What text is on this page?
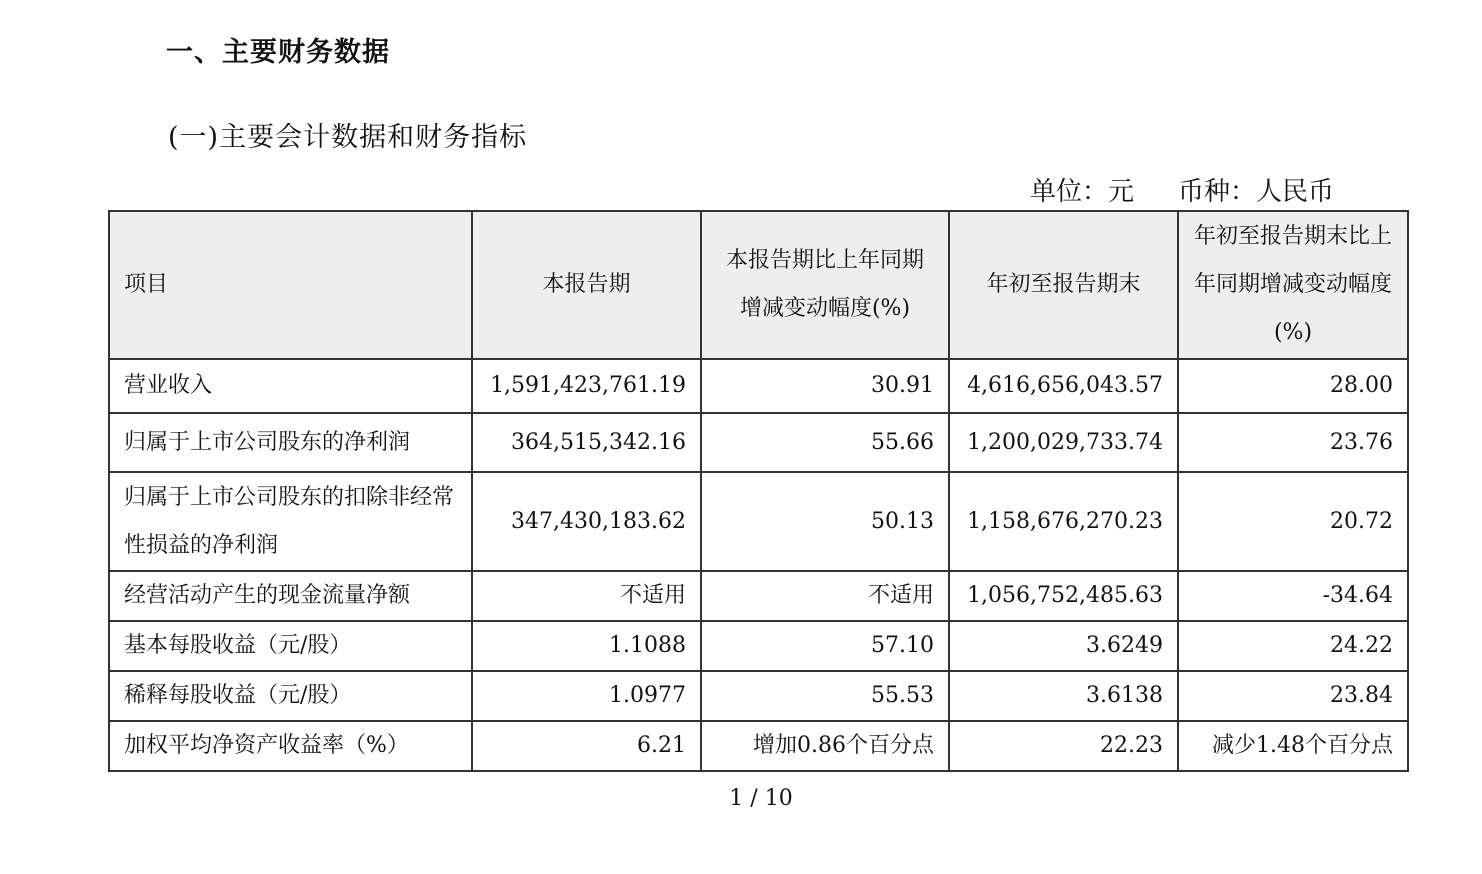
一、主要财务数据
(一)主要会计数据和财务指标
单位：元 币种：人民币
项目	本报告期	本报告期比上年同期增减变动幅度(%)	年初至报告期末	年初至报告期末比上年同期增减变动幅度(%)
营业收入	1,591,423,761.19	30.91	4,616,656,043.57	28.00
归属于上市公司股东的净利润	364,515,342.16	55.66	1,200,029,733.74	23.76
归属于上市公司股东的扣除非经常性损益的净利润	347,430,183.62	50.13	1,158,676,270.23	20.72
经营活动产生的现金流量净额	不适用	不适用	1,056,752,485.63	-34.64
基本每股收益（元/股）	1.1088	57.10	3.6249	24.22
稀释每股收益（元/股）	1.0977	55.53	3.6138	23.84
加权平均净资产收益率（%）	6.21	增加0.86个百分点	22.23	减少1.48个百分点
1 / 10
